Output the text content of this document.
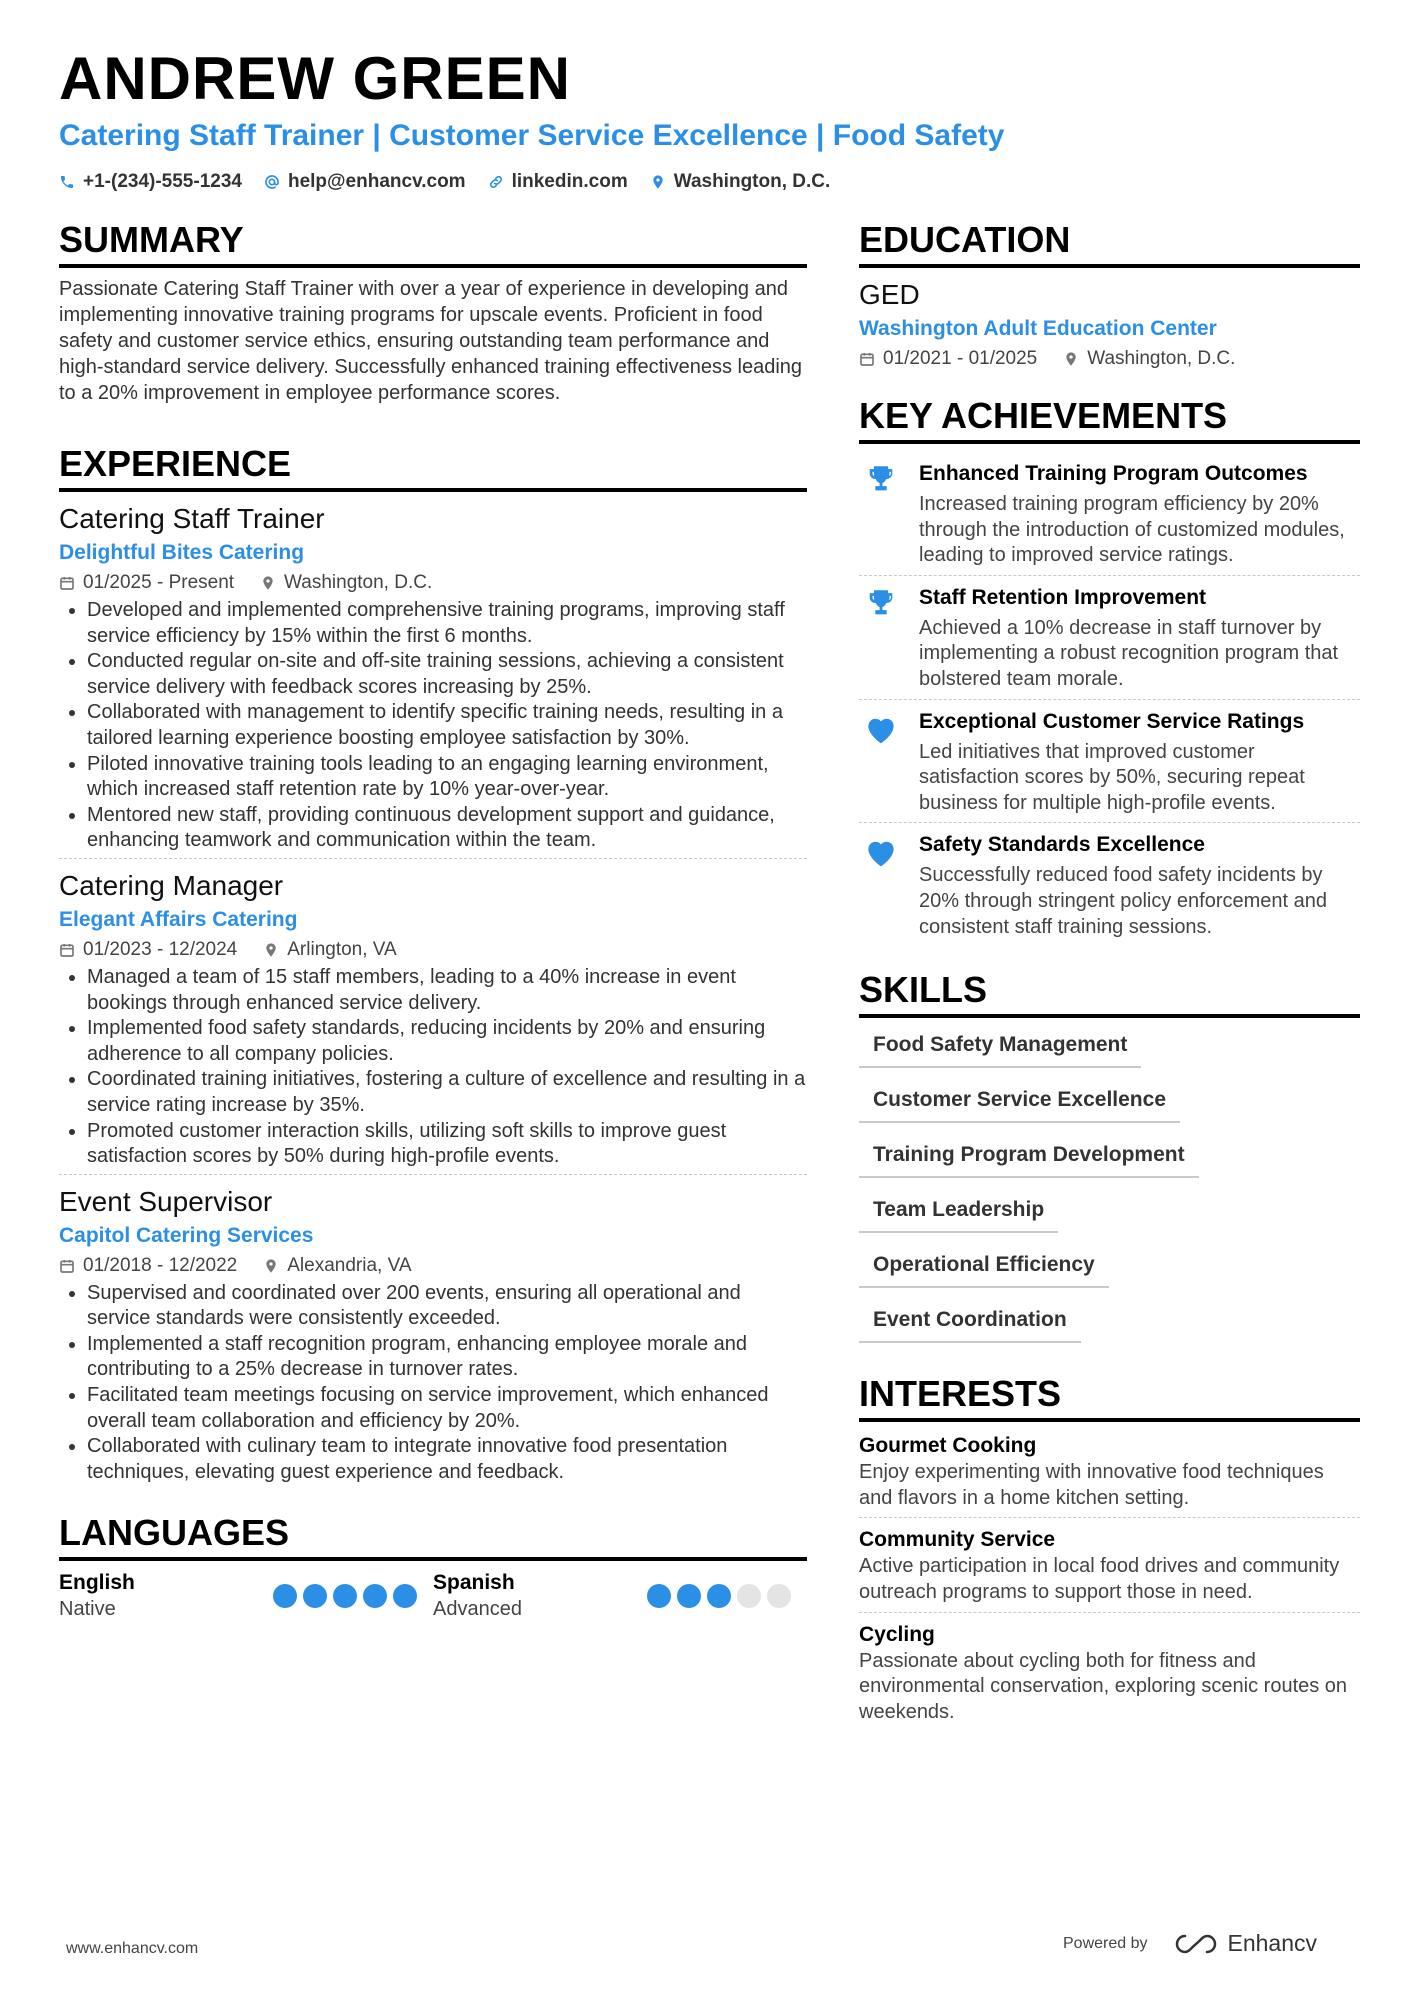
ANDREW GREEN
Catering Staff Trainer | Customer Service Excellence | Food Safety
+1-(234)-555-1234 help@enhancv.com linkedin.com Washington, D.C.
SUMMARY
Passionate Catering Staff Trainer with over a year of experience in developing and implementing innovative training programs for upscale events. Proficient in food safety and customer service ethics, ensuring outstanding team performance and high-standard service delivery. Successfully enhanced training effectiveness leading to a 20% improvement in employee performance scores.
EXPERIENCE
Catering Staff Trainer
Delightful Bites Catering
01/2025 - Present	Washington, D.C.
• Developed and implemented comprehensive training programs, improving staff service efficiency by 15% within the first 6 months.
• Conducted regular on-site and off-site training sessions, achieving a consistent service delivery with feedback scores increasing by 25%.
• Collaborated with management to identify specific training needs, resulting in a tailored learning experience boosting employee satisfaction by 30%.
• Piloted innovative training tools leading to an engaging learning environment, which increased staff retention rate by 10% year-over-year.
• Mentored new staff, providing continuous development support and guidance, enhancing teamwork and communication within the team.
Catering Manager
Elegant Affairs Catering
01/2023 - 12/2024	Arlington, VA
• Managed a team of 15 staff members, leading to a 40% increase in event bookings through enhanced service delivery.
• Implemented food safety standards, reducing incidents by 20% and ensuring adherence to all company policies.
• Coordinated training initiatives, fostering a culture of excellence and resulting in a service rating increase by 35%.
• Promoted customer interaction skills, utilizing soft skills to improve guest satisfaction scores by 50% during high-profile events.
Event Supervisor
Capitol Catering Services
01/2018 - 12/2022	Alexandria, VA
• Supervised and coordinated over 200 events, ensuring all operational and service standards were consistently exceeded.
• Implemented a staff recognition program, enhancing employee morale and contributing to a 25% decrease in turnover rates.
• Facilitated team meetings focusing on service improvement, which enhanced overall team collaboration and efficiency by 20%.
• Collaborated with culinary team to integrate innovative food presentation techniques, elevating guest experience and feedback.
LANGUAGES
English
Native
Spanish
Advanced
EDUCATION
GED
Washington Adult Education Center
01/2021 - 01/2025	Washington, D.C.
KEY ACHIEVEMENTS
Enhanced Training Program Outcomes
Increased training program efficiency by 20% through the introduction of customized modules, leading to improved service ratings.
Staff Retention Improvement
Achieved a 10% decrease in staff turnover by implementing a robust recognition program that bolstered team morale.
Exceptional Customer Service Ratings
Led initiatives that improved customer satisfaction scores by 50%, securing repeat business for multiple high-profile events.
Safety Standards Excellence
Successfully reduced food safety incidents by 20% through stringent policy enforcement and consistent staff training sessions.
SKILLS
Food Safety Management
Customer Service Excellence
Training Program Development
Team Leadership
Operational Efficiency
Event Coordination
INTERESTS
Gourmet Cooking
Enjoy experimenting with innovative food techniques and flavors in a home kitchen setting.
Community Service
Active participation in local food drives and community outreach programs to support those in need.
Cycling
Passionate about cycling both for fitness and environmental conservation, exploring scenic routes on weekends.
www.enhancv.com	Powered by	Enhancv
